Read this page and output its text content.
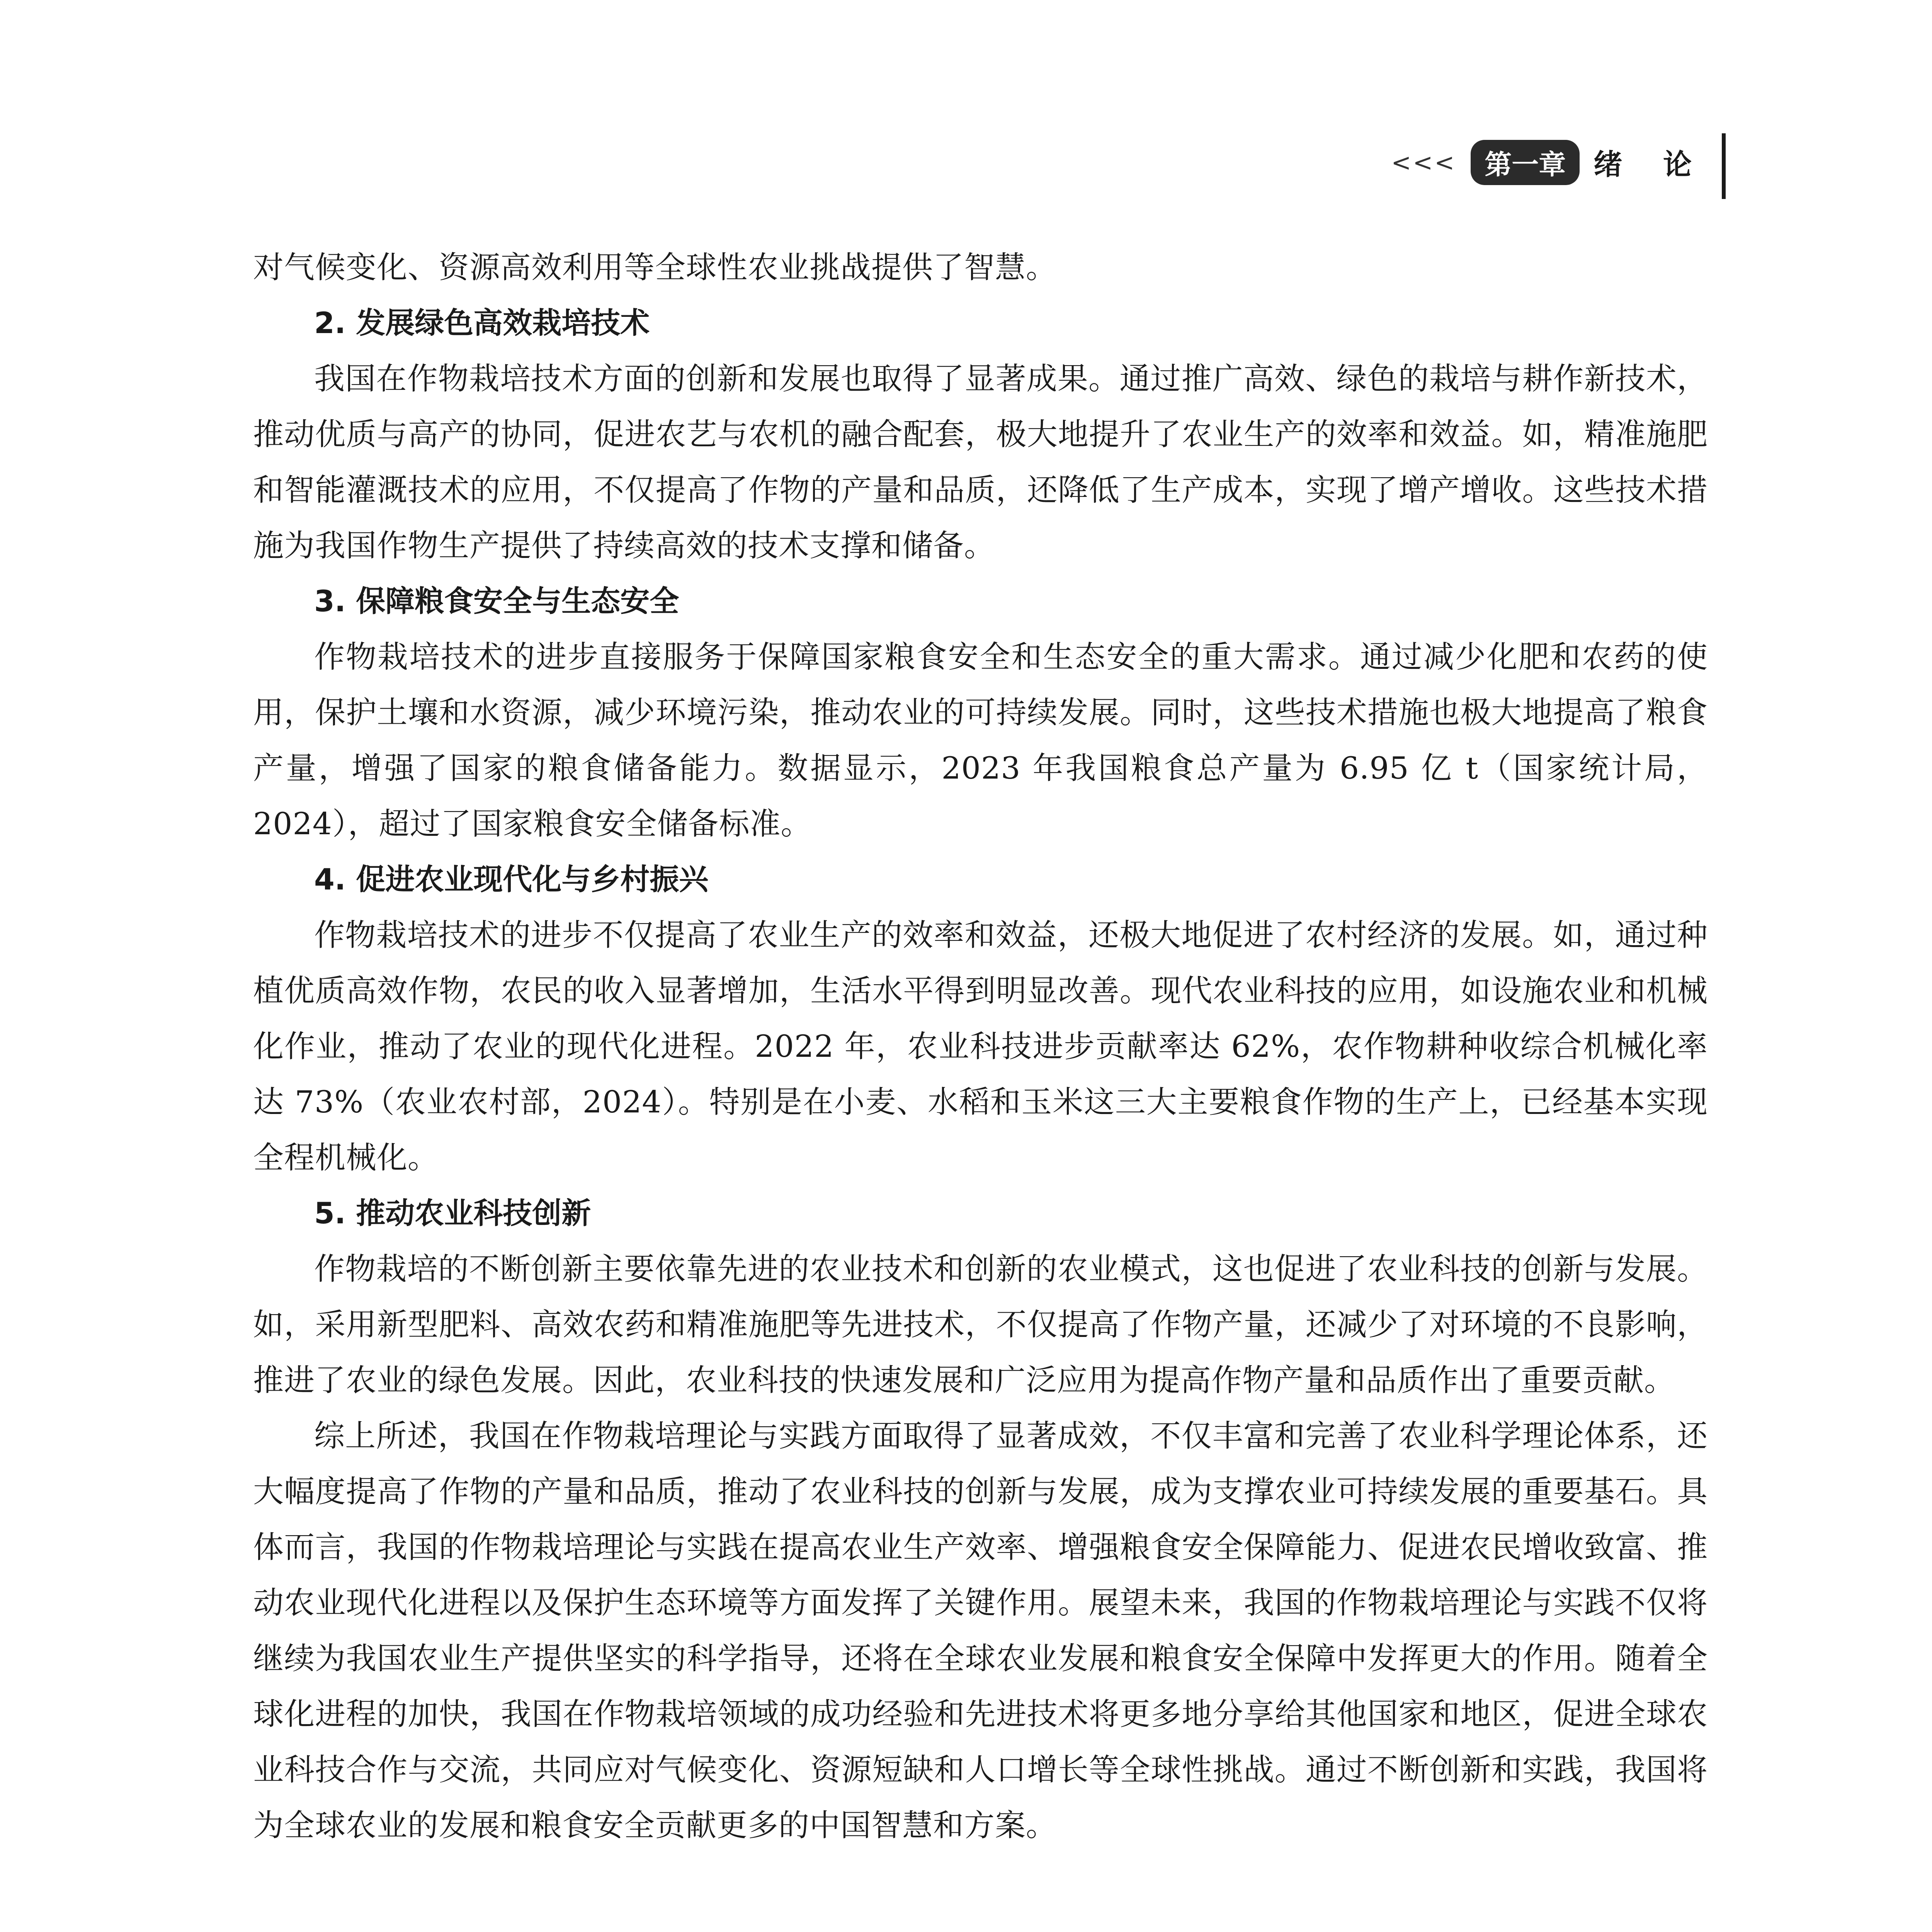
<<<	第一章 绪 论

对气候变化、资源高效利用等全球性农业挑战提供了智慧。

2. 发展绿色高效栽培技术

我国在作物栽培技术方面的创新和发展也取得了显著成果。通过推广高效、绿色的栽培与耕作新技术，推动优质与高产的协同，促进农艺与农机的融合配套，极大地提升了农业生产的效率和效益。如，精准施肥和智能灌溉技术的应用，不仅提高了作物的产量和品质，还降低了生产成本，实现了增产增收。这些技术措施为我国作物生产提供了持续高效的技术支撑和储备。

3. 保障粮食安全与生态安全

作物栽培技术的进步直接服务于保障国家粮食安全和生态安全的重大需求。通过减少化肥和农药的使用，保护土壤和水资源，减少环境污染，推动农业的可持续发展。同时，这些技术措施也极大地提高了粮食产量，增强了国家的粮食储备能力。数据显示，2023 年我国粮食总产量为 6.95 亿 t（国家统计局，2024），超过了国家粮食安全储备标准。

4. 促进农业现代化与乡村振兴

作物栽培技术的进步不仅提高了农业生产的效率和效益，还极大地促进了农村经济的发展。如，通过种植优质高效作物，农民的收入显著增加，生活水平得到明显改善。现代农业科技的应用，如设施农业和机械化作业，推动了农业的现代化进程。2022 年，农业科技进步贡献率达 62%，农作物耕种收综合机械化率达 73%（农业农村部，2024）。特别是在小麦、水稻和玉米这三大主要粮食作物的生产上，已经基本实现全程机械化。

5. 推动农业科技创新

作物栽培的不断创新主要依靠先进的农业技术和创新的农业模式，这也促进了农业科技的创新与发展。如，采用新型肥料、高效农药和精准施肥等先进技术，不仅提高了作物产量，还减少了对环境的不良影响，推进了农业的绿色发展。因此，农业科技的快速发展和广泛应用为提高作物产量和品质作出了重要贡献。

综上所述，我国在作物栽培理论与实践方面取得了显著成效，不仅丰富和完善了农业科学理论体系，还大幅度提高了作物的产量和品质，推动了农业科技的创新与发展，成为支撑农业可持续发展的重要基石。具体而言，我国的作物栽培理论与实践在提高农业生产效率、增强粮食安全保障能力、促进农民增收致富、推动农业现代化进程以及保护生态环境等方面发挥了关键作用。展望未来，我国的作物栽培理论与实践不仅将继续为我国农业生产提供坚实的科学指导，还将在全球农业发展和粮食安全保障中发挥更大的作用。随着全球化进程的加快，我国在作物栽培领域的成功经验和先进技术将更多地分享给其他国家和地区，促进全球农业科技合作与交流，共同应对气候变化、资源短缺和人口增长等全球性挑战。通过不断创新和实践，我国将为全球农业的发展和粮食安全贡献更多的中国智慧和方案。
